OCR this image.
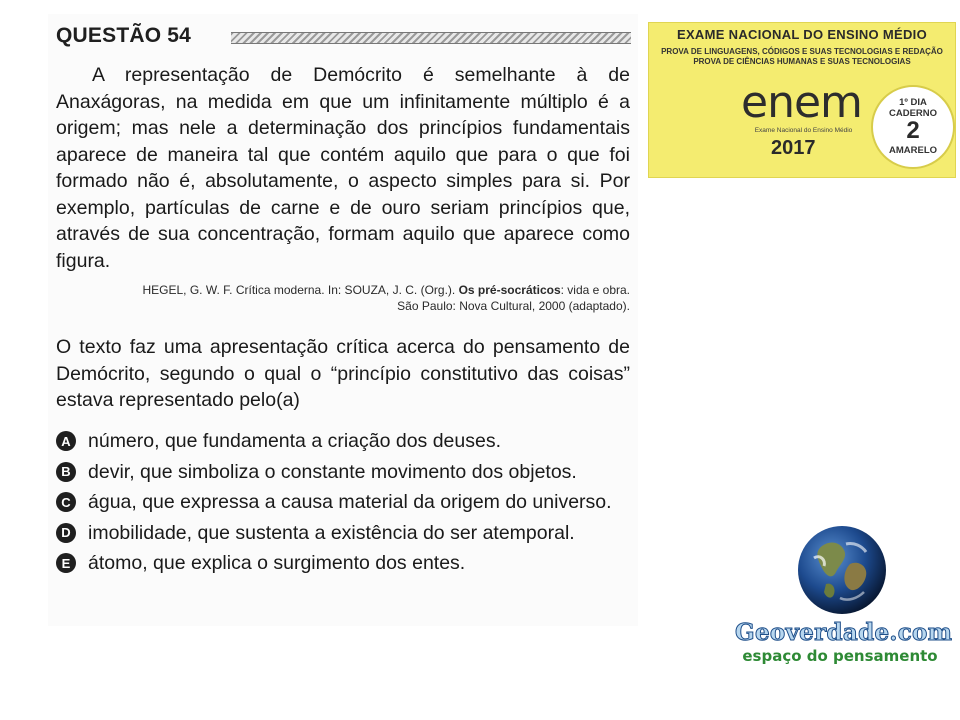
QUESTÃO 54

A representação de Demócrito é semelhante à de Anaxágoras, na medida em que um infinitamente múltiplo é a origem; mas nele a determinação dos princípios fundamentais aparece de maneira tal que contém aquilo que para o que foi formado não é, absolutamente, o aspecto simples para si. Por exemplo, partículas de carne e de ouro seriam princípios que, através de sua concentração, formam aquilo que aparece como figura.

HEGEL, G. W. F. Crítica moderna. In: SOUZA, J. C. (Org.). Os pré-socráticos: vida e obra.
São Paulo: Nova Cultural, 2000 (adaptado).

O texto faz uma apresentação crítica acerca do pensamento de Demócrito, segundo o qual o “princípio constitutivo das coisas” estava representado pelo(a)

A número, que fundamenta a criação dos deuses.
B devir, que simboliza o constante movimento dos objetos.
C água, que expressa a causa material da origem do universo.
D imobilidade, que sustenta a existência do ser atemporal.
E átomo, que explica o surgimento dos entes.
EXAME NACIONAL DO ENSINO MÉDIO
PROVA DE LINGUAGENS, CÓDIGOS E SUAS TECNOLOGIAS E REDAÇÃO
PROVA DE CIÊNCIAS HUMANAS E SUAS TECNOLOGIAS
enem
Exame Nacional do Ensino Médio
2017
1º DIA
CADERNO
2
AMARELO
Geoverdade.com
espaço do pensamento
